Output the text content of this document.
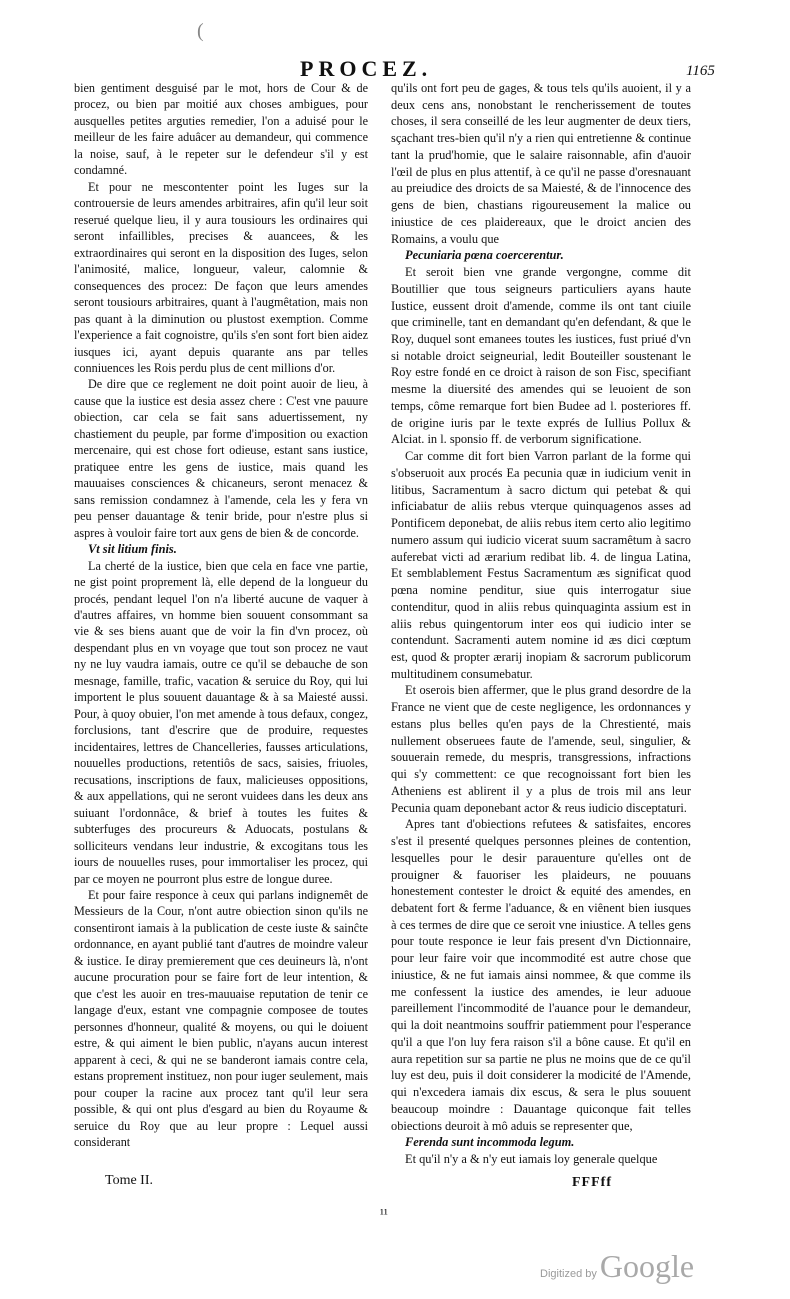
(
PROCEZ.	1165

bien gentiment desguisé par le mot, hors de Cour & de procez, ou bien par moitié aux choses ambigues, pour ausquelles petites arguties remedier, l'on a aduisé pour le meilleur de les faire aduâcer au demandeur, qui commence la noise, sauf, à le repeter sur le defendeur s'il y est condamné.

Et pour ne mescontenter point les Iuges sur la controuersie de leurs amendes arbitraires, afin qu'il leur soit reserué quelque lieu, il y aura tousiours les ordinaires qui seront infaillibles, precises & auancees, & les extraordinaires qui seront en la disposition des Iuges, selon l'animosité, malice, longueur, valeur, calomnie & consequences des procez: De façon que leurs amendes seront tousiours arbitraires, quant à l'augmêtation, mais non pas quant à la diminution ou plustost exemption. Comme l'experience a fait cognoistre, qu'ils s'en sont fort bien aidez iusques ici, ayant depuis quarante ans par telles conniuences les Rois perdu plus de cent millions d'or.

De dire que ce reglement ne doit point auoir de lieu, à cause que la iustice est desia assez chere : C'est vne pauure obiection, car cela se fait sans aduertissement, ny chastiement du peuple, par forme d'imposition ou exaction mercenaire, qui est chose fort odieuse, estant sans iustice, pratiquee entre les gens de iustice, mais quand les mauuaises consciences & chicaneurs, seront menacez & sans remission condamnez à l'amende, cela les y fera vn peu penser dauantage & tenir bride, pour n'estre plus si aspres à vouloir faire tort aux gens de bien & de concorde.

Vt sit litium finis.

La cherté de la iustice, bien que cela en face vne partie, ne gist point proprement là, elle depend de la longueur du procés, pendant lequel l'on n'a liberté aucune de vaquer à d'autres affaires, vn homme bien souuent consommant sa vie & ses biens auant que de voir la fin d'vn procez, où despendant plus en vn voyage que tout son procez ne vaut ny ne luy vaudra iamais, outre ce qu'il se debauche de son mesnage, famille, trafic, vacation & seruice du Roy, qui lui importent le plus souuent dauantage & à sa Maiesté aussi. Pour, à quoy obuier, l'on met amende à tous defaux, congez, forclusions, tant d'escrire que de produire, requestes incidentaires, lettres de Chancelleries, fausses articulations, nouuelles productions, retentiôs de sacs, saisies, friuoles, recusations, inscriptions de faux, malicieuses oppositions, & aux appellations, qui ne seront vuidees dans les deux ans suiuant l'ordonnâce, & brief à toutes les fuites & subterfuges des procureurs & Aduocats, postulans & solliciteurs vendans leur industrie, & excogitans tous les iours de nouuelles ruses, pour immortaliser les procez, qui par ce moyen ne pourront plus estre de longue duree.

Et pour faire responce à ceux qui parlans indignemêt de Messieurs de la Cour, n'ont autre obiection sinon qu'ils ne consentiront iamais à la publication de ceste iuste & sainĉte ordonnance, en ayant publié tant d'autres de moindre valeur & iustice. Ie diray premierement que ces deuineurs là, n'ont aucune procuration pour se faire fort de leur intention, & que c'est les auoir en tres-mauuaise reputation de tenir ce langage d'eux, estant vne compagnie composee de toutes personnes d'honneur, qualité & moyens, ou qui le doiuent estre, & qui aiment le bien public, n'ayans aucun interest apparent à ceci, & qui ne se banderont iamais contre cela, estans proprement instituez, non pour iuger seulement, mais pour couper la racine aux procez tant qu'il leur sera possible, & qui ont plus d'esgard au bien du Royaume & seruice du Roy que au leur propre : Lequel aussi considerant

qu'ils ont fort peu de gages, & tous tels qu'ils auoient, il y a deux cens ans, nonobstant le rencherissement de toutes choses, il sera conseillé de les leur augmenter de deux tiers, sçachant tres-bien qu'il n'y a rien qui entretienne & continue tant la prud'homie, que le salaire raisonnable, afin d'auoir l'œil de plus en plus attentif, à ce qu'il ne passe d'oresnauant au preiudice des droicts de sa Maiesté, & de l'innocence des gens de bien, chastians rigoureusement la malice ou iniustice de ces plaidereaux, que le droict ancien des Romains, a voulu que

Pecuniaria pœna coercerentur.

Et seroit bien vne grande vergongne, comme dit Boutillier que tous seigneurs particuliers ayans haute Iustice, eussent droit d'amende, comme ils ont tant ciuile que criminelle, tant en demandant qu'en defendant, & que le Roy, duquel sont emanees toutes les iustices, fust priué d'vn si notable droict seigneurial, ledit Bouteiller soustenant le Roy estre fondé en ce droict à raison de son Fisc, specifiant mesme la diuersité des amendes qui se leuoient de son temps, côme remarque fort bien Budee ad l. posteriores ff. de origine iuris par le texte exprés de Iullius Pollux & Alciat. in l. sponsio ff. de verborum significatione.

Car comme dit fort bien Varron parlant de la forme qui s'obseruoit aux procés Ea pecunia quæ in iudicium venit in litibus, Sacramentum à sacro dictum qui petebat & qui inficiabatur de aliis rebus vterque quinquagenos asses ad Pontificem deponebat, de aliis rebus item certo alio legitimo numero assum qui iudicio vicerat suum sacramêtum à sacro auferebat victi ad ærarium redibat lib. 4. de lingua Latina, Et semblablement Festus Sacramentum æs significat quod pœna nomine penditur, siue quis interrogatur siue contenditur, quod in aliis rebus quinquaginta assium est in aliis rebus quingentorum inter eos qui iudicio inter se contendunt. Sacramenti autem nomine id æs dici cœptum est, quod & propter ærarij inopiam & sacrorum publicorum multitudinem consumebatur.

Et oserois bien affermer, que le plus grand desordre de la France ne vient que de ceste negligence, les ordonnances y estans plus belles qu'en pays de la Chrestienté, mais nullement obseruees faute de l'amende, seul, singulier, & souuerain remede, du mespris, transgressions, infractions qui s'y commettent: ce que recognoissant fort bien les Atheniens est ablirent il y a plus de trois mil ans leur Pecunia quam deponebant actor & reus iudicio disceptaturi.

Apres tant d'obiections refutees & satisfaites, encores s'est il presenté quelques personnes pleines de contention, lesquelles pour le desir parauenture qu'elles ont de prouigner & fauoriser les plaideurs, ne pouuans honestement contester le droict & equité des amendes, en debatent fort & ferme l'aduance, & en viênent bien iusques à ces termes de dire que ce seroit vne iniustice. A telles gens pour toute responce ie leur fais present d'vn Dictionnaire, pour leur faire voir que incommodité est autre chose que iniustice, & ne fut iamais ainsi nommee, & que comme ils me confessent la iustice des amendes, ie leur aduoue pareillement l'incommodité de l'auance pour le demandeur, qui la doit neantmoins souffrir patiemment pour l'esperance qu'il a que l'on luy fera raison s'il a bône cause. Et qu'il en aura repetition sur sa partie ne plus ne moins que de ce qu'il luy est deu, puis il doit considerer la modicité de l'Amende, qui n'excedera iamais dix escus, & sera le plus souuent beaucoup moindre : Dauantage quiconque fait telles obiections deuroit à mô aduis se representer que,

Ferenda sunt incommoda legum.

Et qu'il n'y a & n'y eut iamais loy generale quelque

Tome II.	FFFff
¹¹
Digitized by Google
